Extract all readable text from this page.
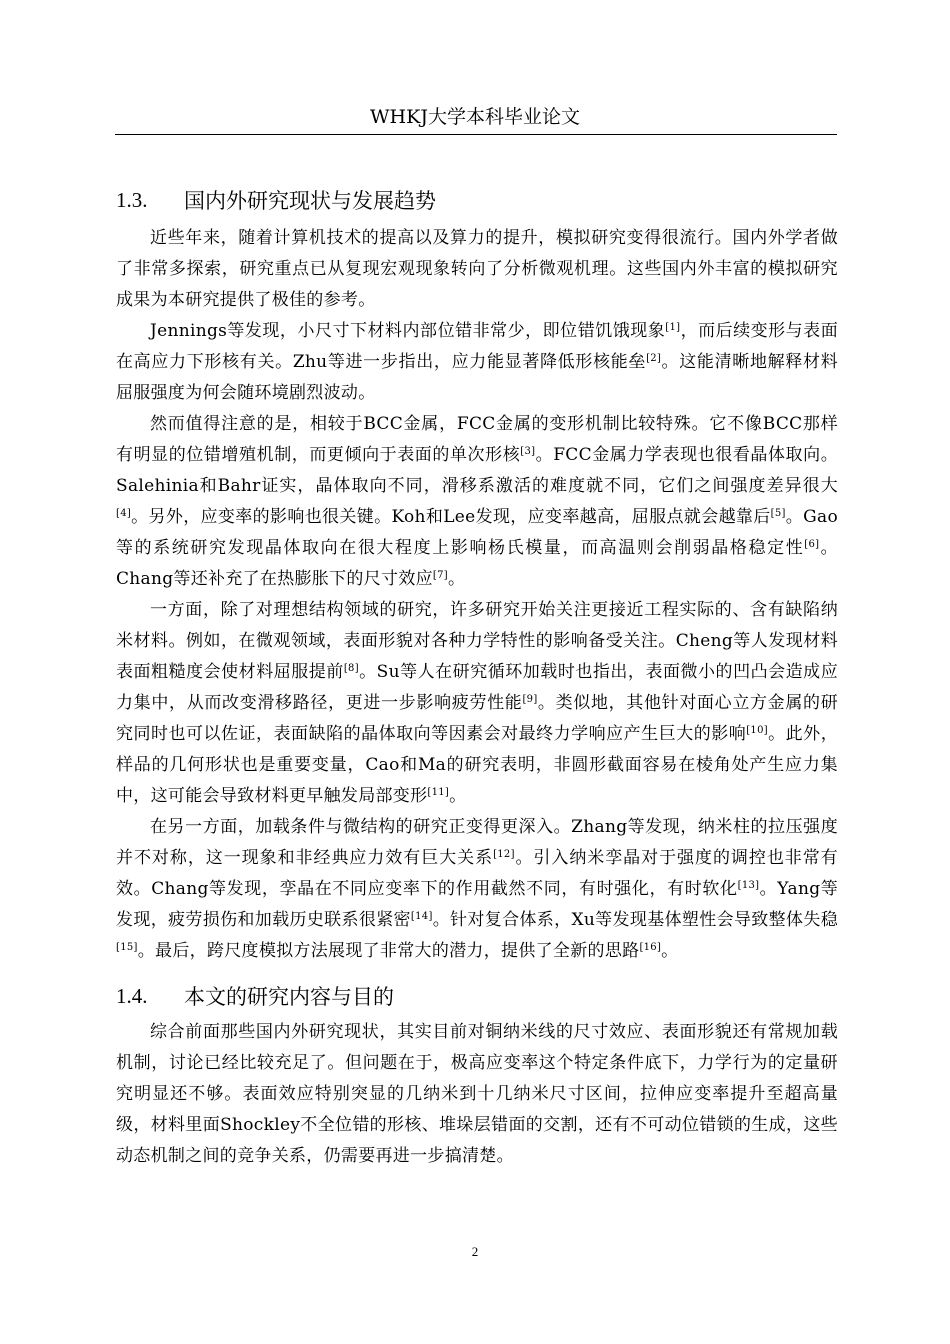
WHKJ大学本科毕业论文
1.3.	国内外研究现状与发展趋势

近些年来，随着计算机技术的提高以及算力的提升，模拟研究变得很流行。国内外学者做了非常多探索，研究重点已从复现宏观现象转向了分析微观机理。这些国内外丰富的模拟研究成果为本研究提供了极佳的参考。

Jennings等发现，小尺寸下材料内部位错非常少，即位错饥饿现象[1]，而后续变形与表面在高应力下形核有关。Zhu等进一步指出，应力能显著降低形核能垒[2]。这能清晰地解释材料屈服强度为何会随环境剧烈波动。

然而值得注意的是，相较于BCC金属，FCC金属的变形机制比较特殊。它不像BCC那样有明显的位错增殖机制，而更倾向于表面的单次形核[3]。FCC金属力学表现也很看晶体取向。Salehinia和Bahr证实，晶体取向不同，滑移系激活的难度就不同，它们之间强度差异很大[4]。另外，应变率的影响也很关键。Koh和Lee发现，应变率越高，屈服点就会越靠后[5]。Gao等的系统研究发现晶体取向在很大程度上影响杨氏模量，而高温则会削弱晶格稳定性[6]。Chang等还补充了在热膨胀下的尺寸效应[7]。

一方面，除了对理想结构领域的研究，许多研究开始关注更接近工程实际的、含有缺陷纳米材料。例如，在微观领域，表面形貌对各种力学特性的影响备受关注。Cheng等人发现材料表面粗糙度会使材料屈服提前[8]。Su等人在研究循环加载时也指出，表面微小的凹凸会造成应力集中，从而改变滑移路径，更进一步影响疲劳性能[9]。类似地，其他针对面心立方金属的研究同时也可以佐证，表面缺陷的晶体取向等因素会对最终力学响应产生巨大的影响[10]。此外，样品的几何形状也是重要变量，Cao和Ma的研究表明，非圆形截面容易在棱角处产生应力集中，这可能会导致材料更早触发局部变形[11]。

在另一方面，加载条件与微结构的研究正变得更深入。Zhang等发现，纳米柱的拉压强度并不对称，这一现象和非经典应力效有巨大关系[12]。引入纳米孪晶对于强度的调控也非常有效。Chang等发现，孪晶在不同应变率下的作用截然不同，有时强化，有时软化[13]。Yang等发现，疲劳损伤和加载历史联系很紧密[14]。针对复合体系，Xu等发现基体塑性会导致整体失稳[15]。最后，跨尺度模拟方法展现了非常大的潜力，提供了全新的思路[16]。

1.4.	本文的研究内容与目的

综合前面那些国内外研究现状，其实目前对铜纳米线的尺寸效应、表面形貌还有常规加载机制，讨论已经比较充足了。但问题在于，极高应变率这个特定条件底下，力学行为的定量研究明显还不够。表面效应特别突显的几纳米到十几纳米尺寸区间，拉伸应变率提升至超高量级，材料里面Shockley不全位错的形核、堆垛层错面的交割，还有不可动位错锁的生成，这些动态机制之间的竞争关系，仍需要再进一步搞清楚。

2
